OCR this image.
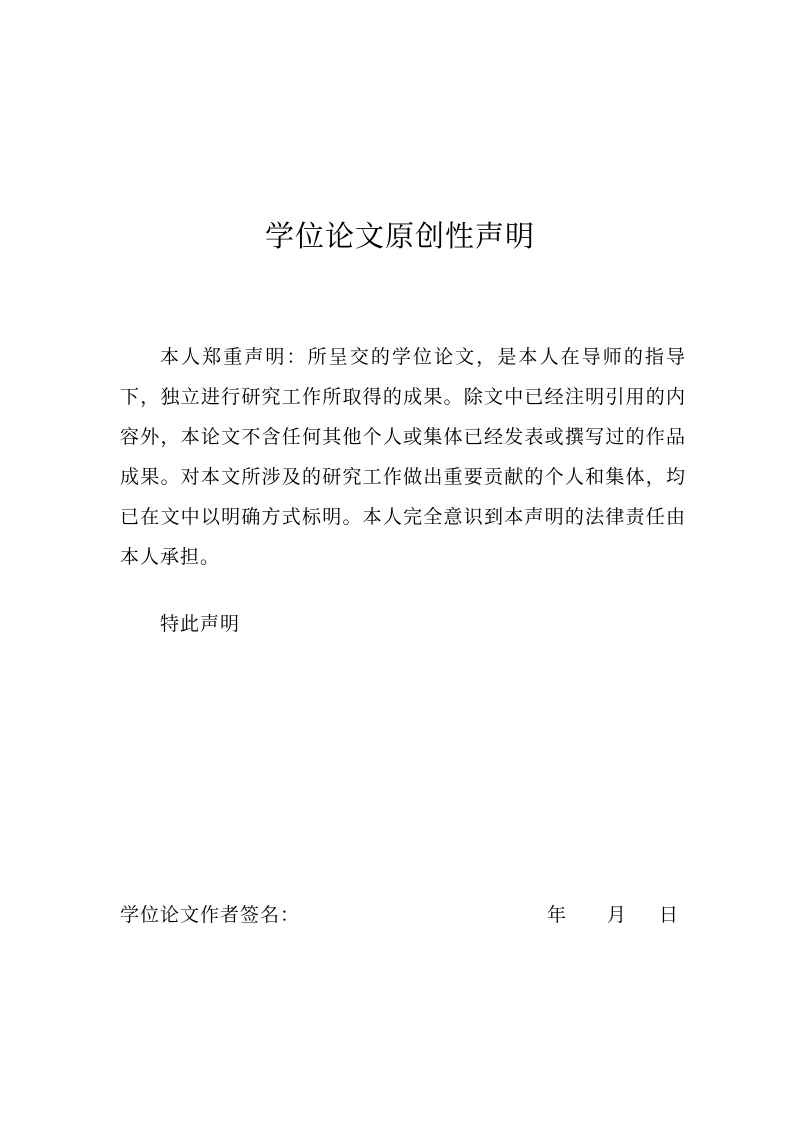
学位论文原创性声明

本人郑重声明：所呈交的学位论文，是本人在导师的指导下，独立进行研究工作所取得的成果。除文中已经注明引用的内容外，本论文不含任何其他个人或集体已经发表或撰写过的作品成果。对本文所涉及的研究工作做出重要贡献的个人和集体，均已在文中以明确方式标明。本人完全意识到本声明的法律责任由本人承担。

特此声明

学位论文作者签名：	年 月 日
